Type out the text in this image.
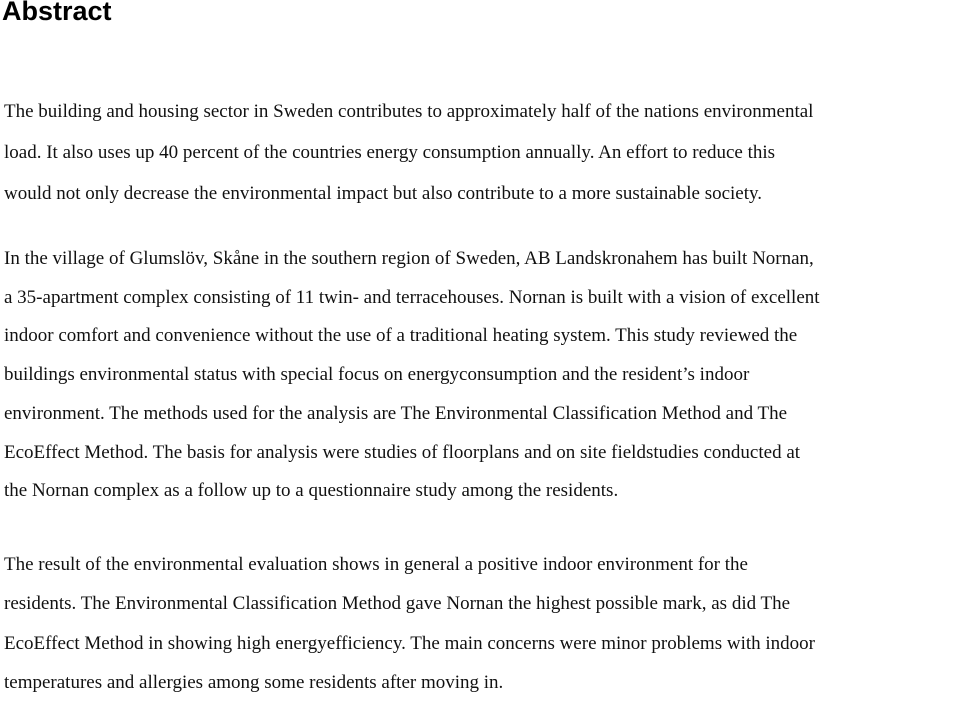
Abstract

The building and housing sector in Sweden contributes to approximately half of the nations environmental
load. It also uses up 40 percent of the countries energy consumption annually. An effort to reduce this
would not only decrease the environmental impact but also contribute to a more sustainable society.

In the village of Glumslöv, Skåne in the southern region of Sweden, AB Landskronahem has built Nornan,
a 35-apartment complex consisting of 11 twin- and terracehouses. Nornan is built with a vision of excellent
indoor comfort and convenience without the use of a traditional heating system. This study reviewed the
buildings environmental status with special focus on energyconsumption and the resident’s indoor
environment. The methods used for the analysis are The Environmental Classification Method and The
EcoEffect Method. The basis for analysis were studies of floorplans and on site fieldstudies conducted at
the Nornan complex as a follow up to a questionnaire study among the residents.

The result of the environmental evaluation shows in general a positive indoor environment for the
residents. The Environmental Classification Method gave Nornan the highest possible mark, as did The
EcoEffect Method in showing high energyefficiency. The main concerns were minor problems with indoor
temperatures and allergies among some residents after moving in.
